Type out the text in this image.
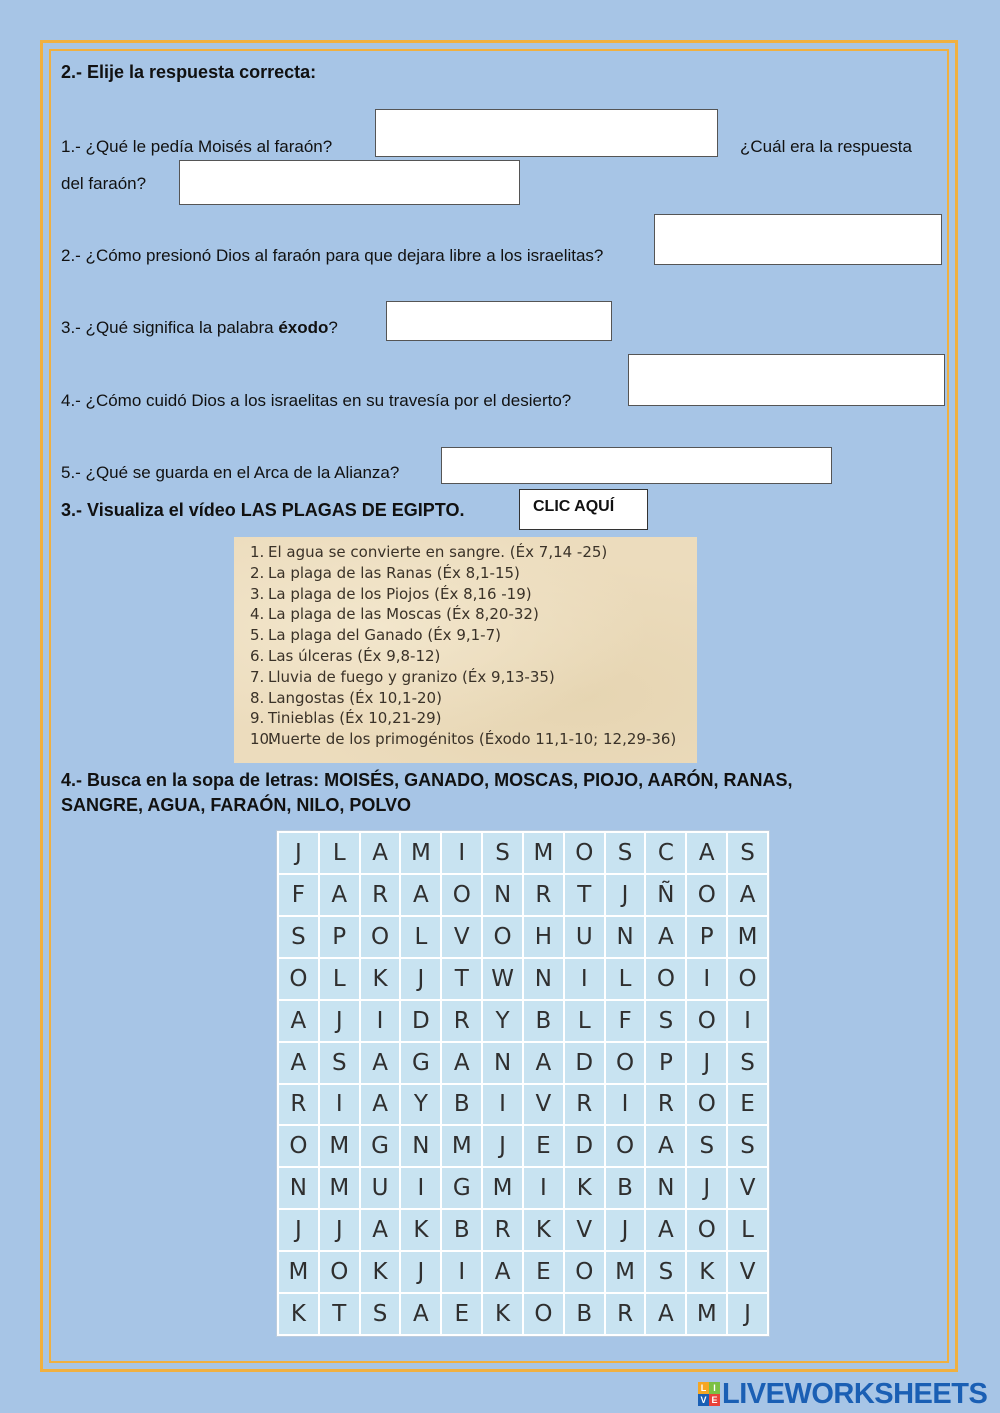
2.- Elije la respuesta correcta:
1.- ¿Qué le pedía Moisés al faraón?	¿Cuál era la respuesta
del faraón?
2.- ¿Cómo presionó Dios al faraón para que dejara libre a los israelitas?
3.- ¿Qué significa la palabra éxodo?
4.- ¿Cómo cuidó Dios a los israelitas en su travesía por el desierto?
5.- ¿Qué se guarda en el Arca de la Alianza?
3.- Visualiza el vídeo LAS PLAGAS DE EGIPTO.	CLIC AQUÍ
1. El agua se convierte en sangre. (Éx 7,14 -25)
2. La plaga de las Ranas (Éx 8,1-15)
3. La plaga de los Piojos (Éx 8,16 -19)
4. La plaga de las Moscas (Éx 8,20-32)
5. La plaga del Ganado (Éx 9,1-7)
6. Las úlceras (Éx 9,8-12)
7. Lluvia de fuego y granizo (Éx 9,13-35)
8. Langostas (Éx 10,1-20)
9. Tinieblas (Éx 10,21-29)
10.Muerte de los primogénitos (Éxodo 11,1-10; 12,29-36)
4.- Busca en la sopa de letras: MOISÉS, GANADO, MOSCAS, PIOJO, AARÓN, RANAS,
SANGRE, AGUA, FARAÓN, NILO, POLVO
J	L	A	M	I	S	M O	S	C	A	S
F	A	R	A	O	N	R	T	J	Ñ	O	A
S	P	O	L	V	O	H	U	N	A	P	M
O	L	K	J	T W N	I	L	O	I	O
A	J	I	D	R	Y	B	L	F	S	O	I
A	S	A	G	A	N	A	D O	P	J	S
R	I	A	Y	B	I	V	R	I	R	O	E
O M G	N M	J	E	D O	A	S	S
N M U	I	G M	I	K	B	N	J	V
J	J	A	K	B	R	K	V	J	A	O	L
M O	K	J	I	A	E	O M	S	K	V
K	T	S	A	E	K	O	B	R	A	M	J
L I
V E LIVEWORKSHEETS
